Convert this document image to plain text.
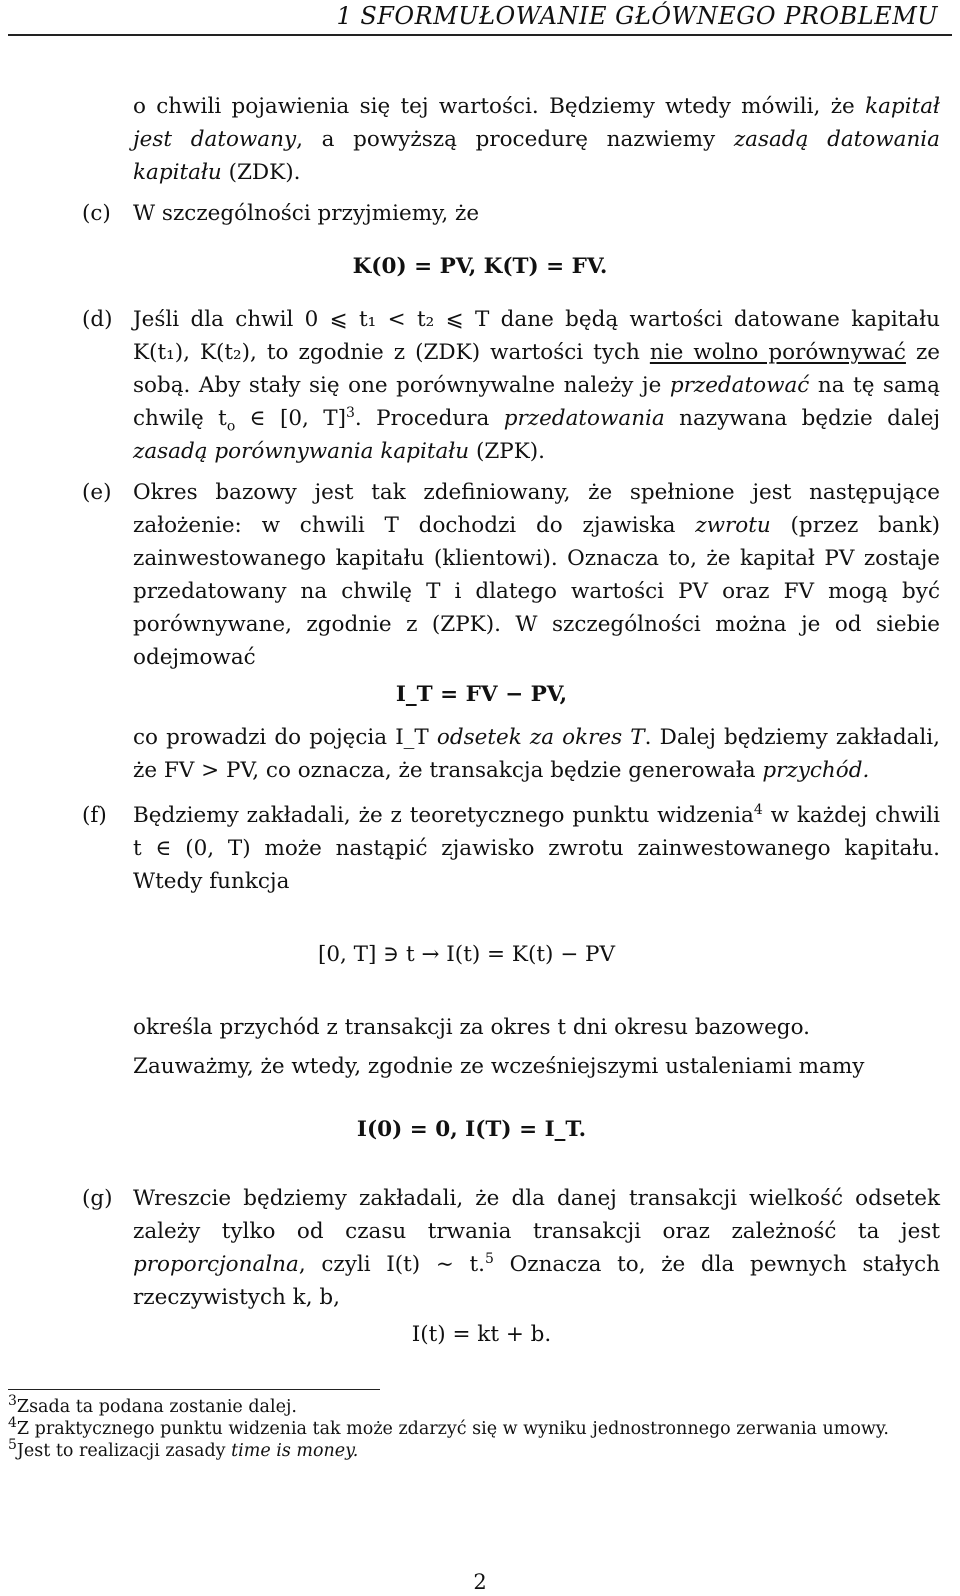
1 SFORMUŁOWANIE GŁÓWNEGO PROBLEMU

o chwili pojawienia się tej wartości. Będziemy wtedy mówili, że kapitał jest datowany, a powyższą procedurę nazwiemy zasadą datowania kapitału (ZDK).

(c) W szczególności przyjmiemy, że

K(0) = PV, K(T) = FV.

(d) Jeśli dla chwil 0 ⩽ t₁ < t₂ ⩽ T dane będą wartości datowane kapitału K(t₁), K(t₂), to zgodnie z (ZDK) wartości tych nie wolno porównywać ze sobą. Aby stały się one porównywalne należy je przedatować na tę samą chwilę $t_o$ ∈ [0, T]$^3$. Procedura przedatowania nazywana będzie dalej zasadą porównywania kapitału (ZPK).

(e) Okres bazowy jest tak zdefiniowany, że spełnione jest następujące założenie: w chwili T dochodzi do zjawiska zwrotu (przez bank) zainwestowanego kapitału (klientowi). Oznacza to, że kapitał PV zostaje przedatowany na chwilę T i dlatego wartości PV oraz FV mogą być porównywane, zgodnie z (ZPK). W szczególności można je od siebie odejmować

I_T = FV − PV,

co prowadzi do pojęcia I_T odsetek za okres T. Dalej będziemy zakładali, że FV > PV, co oznacza, że transakcja będzie generowała przychód.

(f) Będziemy zakładali, że z teoretycznego punktu widzenia$^4$ w każdej chwili t ∈ (0, T) może nastąpić zjawisko zwrotu zainwestowanego kapitału. Wtedy funkcja

[0, T] ∋ t → I(t) = K(t) − PV

określa przychód z transakcji za okres t dni okresu bazowego.

Zauważmy, że wtedy, zgodnie ze wcześniejszymi ustaleniami mamy

I(0) = 0, I(T) = I_T.

(g) Wreszcie będziemy zakładali, że dla danej transakcji wielkość odsetek zależy tylko od czasu trwania transakcji oraz zależność ta jest proporcjonalna, czyli I(t) ∼ t.$^5$ Oznacza to, że dla pewnych stałych rzeczywistych k, b,

I(t) = kt + b.

$^3$Zsada ta podana zostanie dalej.

$^4$Z praktycznego punktu widzenia tak może zdarzyć się w wyniku jednostronnego zerwania umowy.

$^5$Jest to realizacji zasady time is money.

2
